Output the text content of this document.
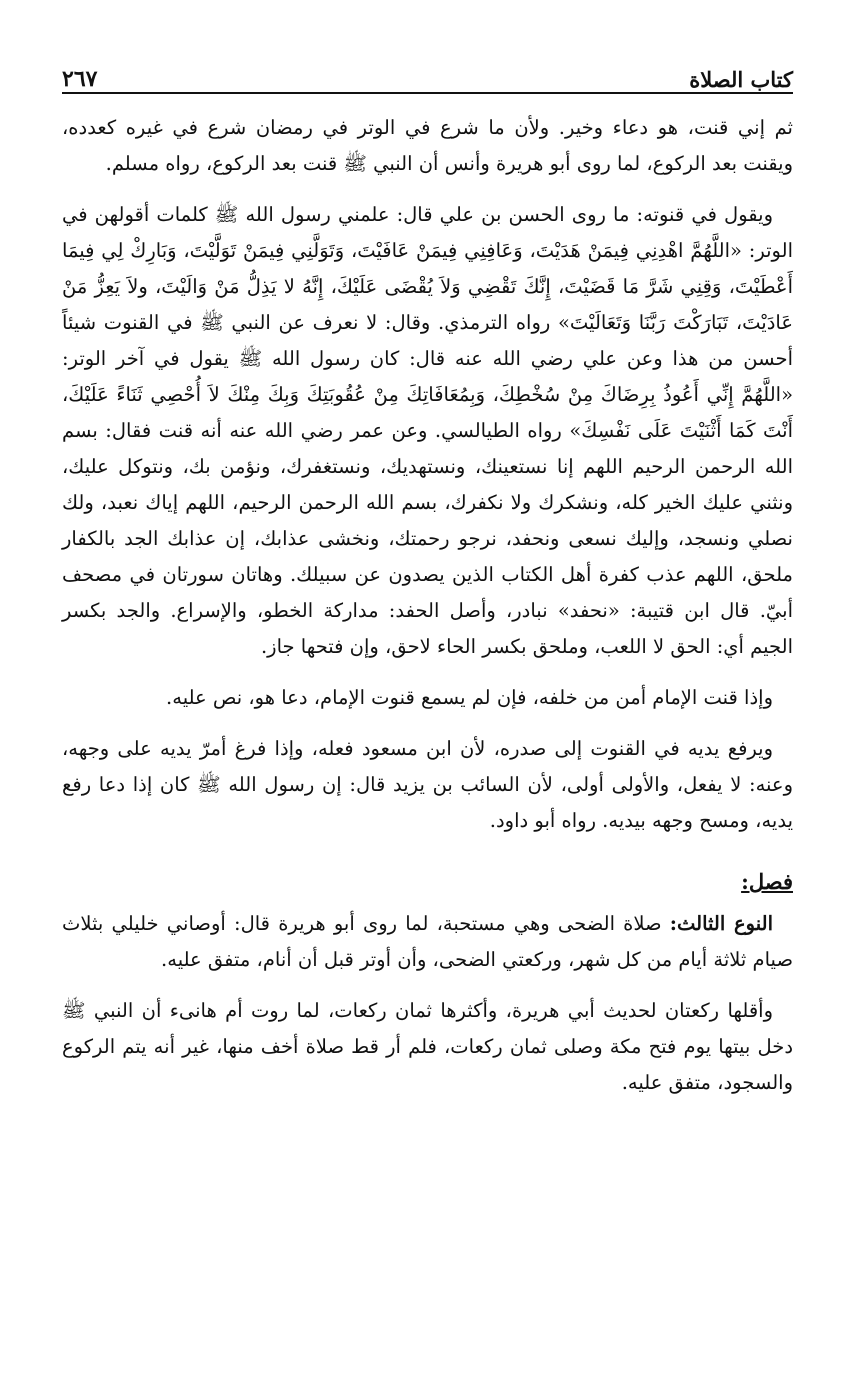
كتاب الصلاة
٢٦٧

ثم إني قنت، هو دعاء وخير. ولأن ما شرع في الوتر في رمضان شرع في غيره كعدده، ويقنت بعد الركوع، لما روى أبو هريرة وأنس أن النبي ﷺ قنت بعد الركوع، رواه مسلم.

ويقول في قنوته: ما روى الحسن بن علي قال: علمني رسول الله ﷺ كلمات أقولهن في الوتر: «اللَّهُمَّ اهْدِنِي فِيمَنْ هَدَيْتَ، وَعَافِنِي فِيمَنْ عَافَيْتَ، وَتَوَلَّنِي فِيمَنْ تَوَلَّيْتَ، وَبَارِكْ لِي فِيمَا أَعْطَيْتَ، وَقِنِي شَرَّ مَا قَضَيْتَ، إِنَّكَ تَقْضِي وَلاَ يُقْضَى عَلَيْكَ، إِنَّهُ لا يَذِلُّ مَنْ وَالَيْتَ، ولاَ يَعِزُّ مَنْ عَادَيْتَ، تَبَارَكْتَ رَبَّنَا وَتَعَالَيْتَ» رواه الترمذي. وقال: لا نعرف عن النبي ﷺ في القنوت شيئاً أحسن من هذا وعن علي رضي الله عنه قال: كان رسول الله ﷺ يقول في آخر الوتر: «اللَّهُمَّ إِنِّي أَعُوذُ بِرِضَاكَ مِنْ سُخْطِكَ، وَبِمُعَافَاتِكَ مِنْ عُقُوبَتِكَ وَبِكَ مِنْكَ لاَ أُحْصِي ثَنَاءً عَلَيْكَ، أَنْتَ كَمَا أَثْنَيْتَ عَلَى نَفْسِكَ» رواه الطيالسي. وعن عمر رضي الله عنه أنه قنت فقال: بسم الله الرحمن الرحيم اللهم إنا نستعينك، ونستهديك، ونستغفرك، ونؤمن بك، ونتوكل عليك، ونثني عليك الخير كله، ونشكرك ولا نكفرك، بسم الله الرحمن الرحيم، اللهم إياك نعبد، ولك نصلي ونسجد، وإليك نسعى ونحفد، نرجو رحمتك، ونخشى عذابك، إن عذابك الجد بالكفار ملحق، اللهم عذب كفرة أهل الكتاب الذين يصدون عن سبيلك. وهاتان سورتان في مصحف أبيّ. قال ابن قتيبة: «نحفد» نبادر، وأصل الحفد: مداركة الخطو، والإسراع. والجد بكسر الجيم أي: الحق لا اللعب، وملحق بكسر الحاء لاحق، وإن فتحها جاز.

وإذا قنت الإمام أمن من خلفه، فإن لم يسمع قنوت الإمام، دعا هو، نص عليه.

ويرفع يديه في القنوت إلى صدره، لأن ابن مسعود فعله، وإذا فرغ أمرّ يديه على وجهه، وعنه: لا يفعل، والأولى أولى، لأن السائب بن يزيد قال: إن رسول الله ﷺ كان إذا دعا رفع يديه، ومسح وجهه بيديه. رواه أبو داود.

فصل:

النوع الثالث: صلاة الضحى وهي مستحبة، لما روى أبو هريرة قال: أوصاني خليلي بثلاث صيام ثلاثة أيام من كل شهر، وركعتي الضحى، وأن أوتر قبل أن أنام، متفق عليه.

وأقلها ركعتان لحديث أبي هريرة، وأكثرها ثمان ركعات، لما روت أم هانىء أن النبي ﷺ دخل بيتها يوم فتح مكة وصلى ثمان ركعات، فلم أر قط صلاة أخف منها، غير أنه يتم الركوع والسجود، متفق عليه.
